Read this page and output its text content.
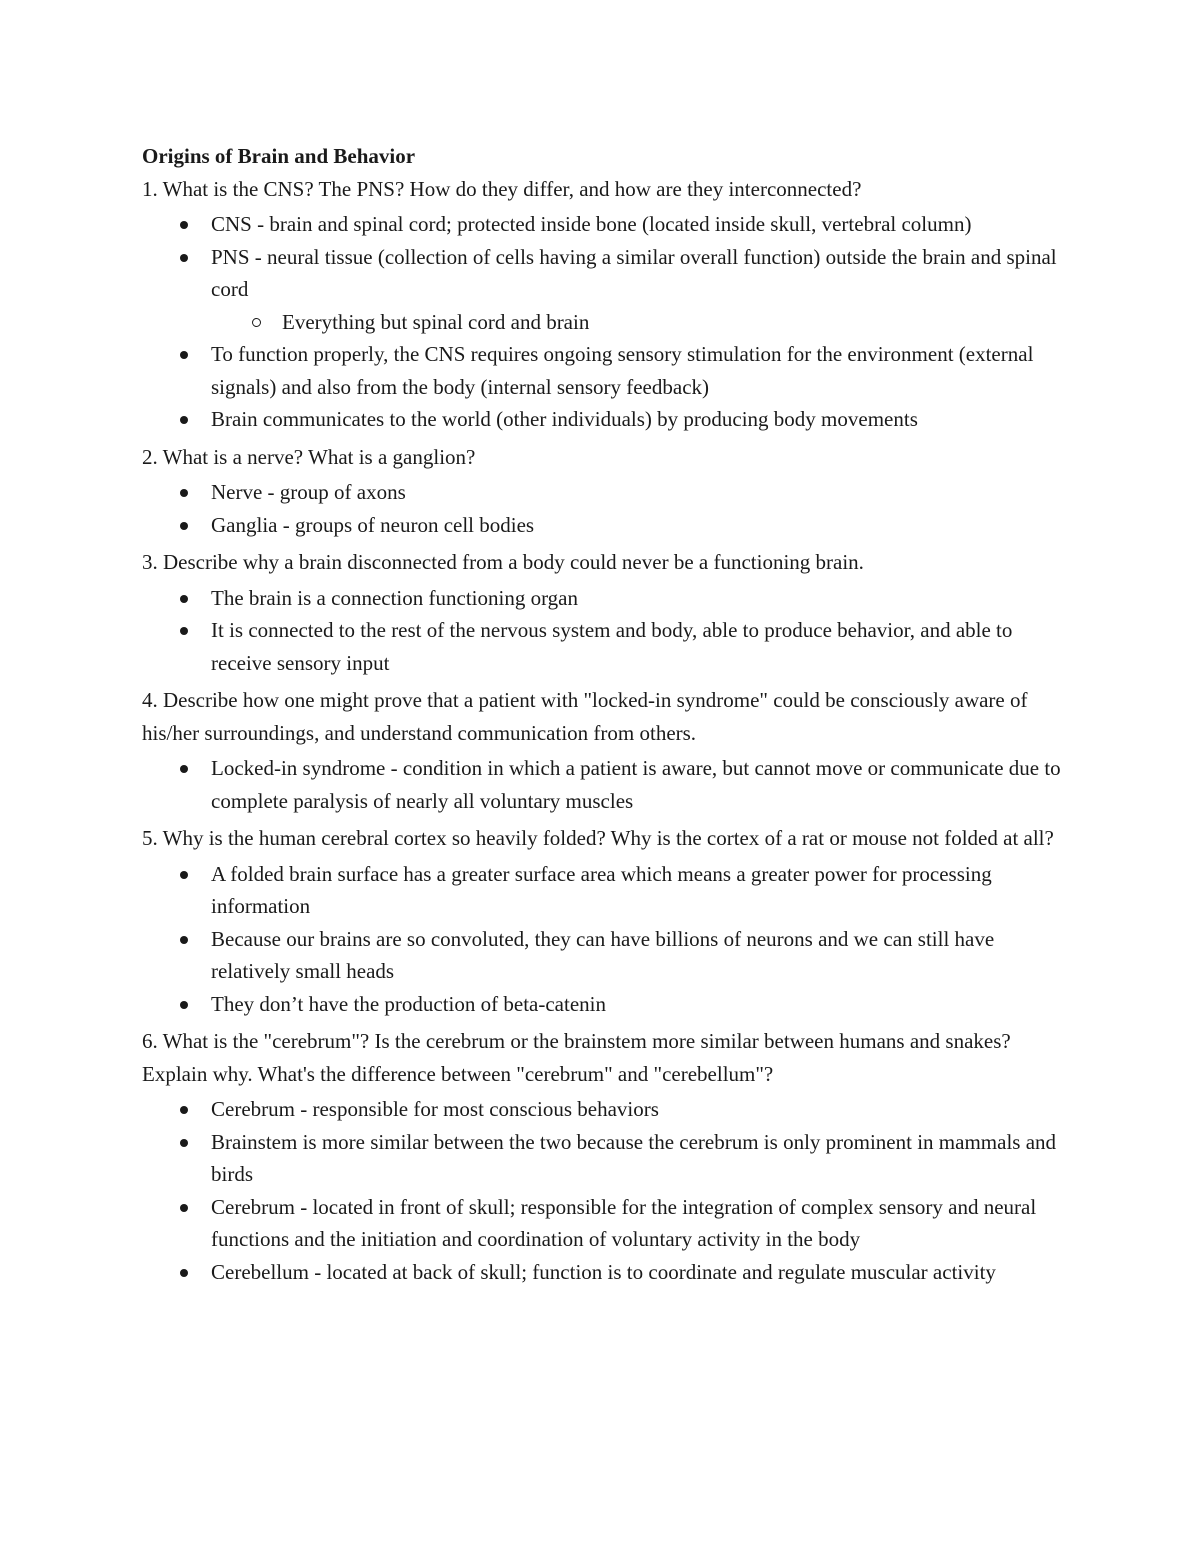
Origins of Brain and Behavior

1. What is the CNS? The PNS? How do they differ, and how are they interconnected?

CNS - brain and spinal cord; protected inside bone (located inside skull, vertebral column)
PNS - neural tissue (collection of cells having a similar overall function) outside the brain and spinal cord
Everything but spinal cord and brain
To function properly, the CNS requires ongoing sensory stimulation for the environment (external signals) and also from the body (internal sensory feedback)
Brain communicates to the world (other individuals) by producing body movements

2. What is a nerve? What is a ganglion?

Nerve - group of axons
Ganglia - groups of neuron cell bodies

3. Describe why a brain disconnected from a body could never be a functioning brain.

The brain is a connection functioning organ
It is connected to the rest of the nervous system and body, able to produce behavior, and able to receive sensory input

4. Describe how one might prove that a patient with "locked-in syndrome" could be consciously aware of his/her surroundings, and understand communication from others.

Locked-in syndrome - condition in which a patient is aware, but cannot move or communicate due to complete paralysis of nearly all voluntary muscles

5. Why is the human cerebral cortex so heavily folded? Why is the cortex of a rat or mouse not folded at all?

A folded brain surface has a greater surface area which means a greater power for processing information
Because our brains are so convoluted, they can have billions of neurons and we can still have relatively small heads
They don’t have the production of beta-catenin

6. What is the "cerebrum"? Is the cerebrum or the brainstem more similar between humans and snakes? Explain why. What's the difference between "cerebrum" and "cerebellum"?

Cerebrum - responsible for most conscious behaviors
Brainstem is more similar between the two because the cerebrum is only prominent in mammals and birds
Cerebrum - located in front of skull; responsible for the integration of complex sensory and neural functions and the initiation and coordination of voluntary activity in the body
Cerebellum - located at back of skull; function is to coordinate and regulate muscular activity
